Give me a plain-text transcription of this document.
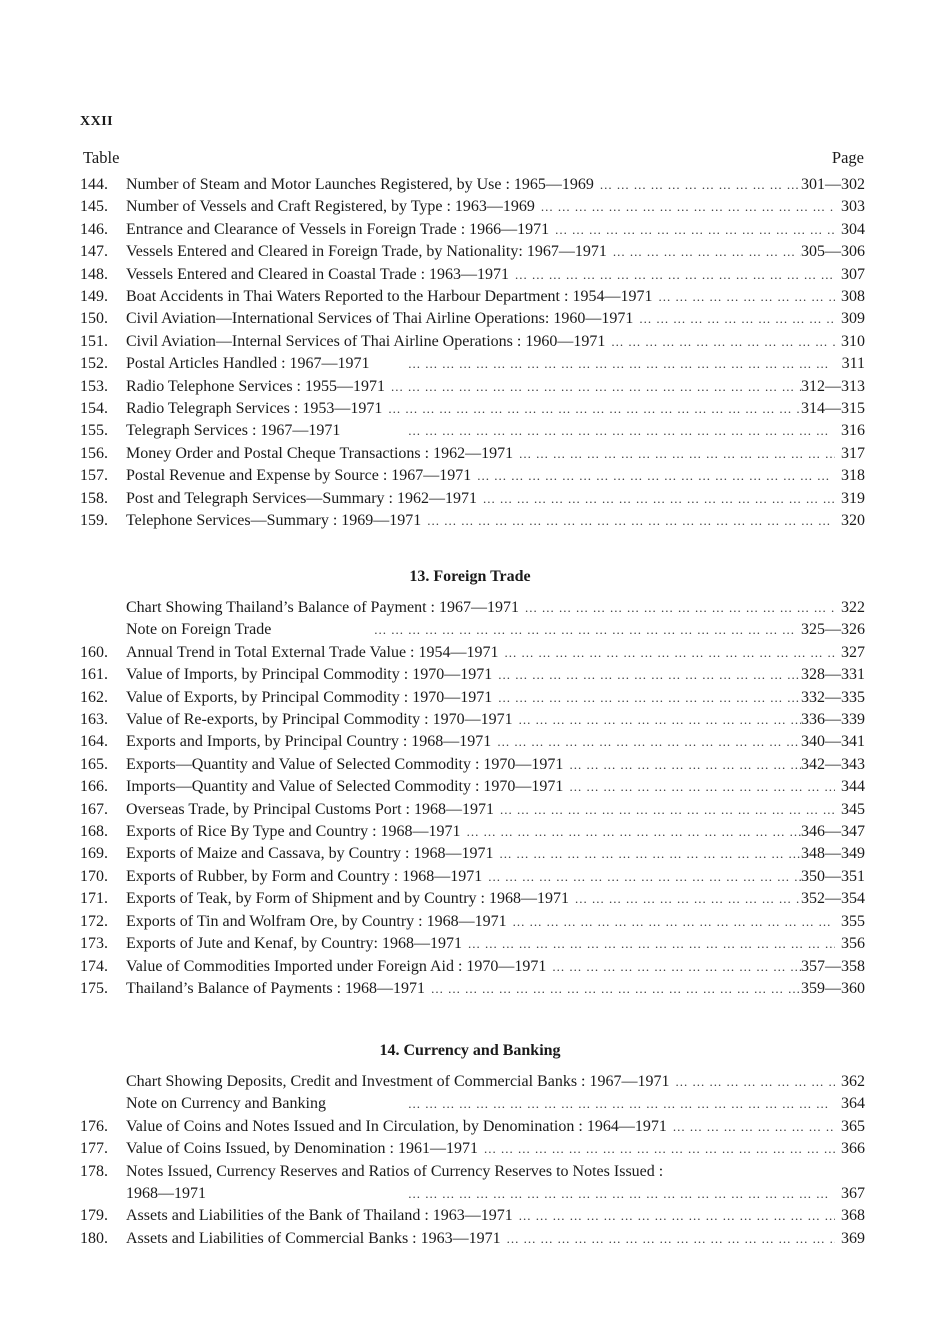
XXII
Table	Page
144.	Number of Steam and Motor Launches Registered, by Use : 1965—1969 ... .	301—302
145.	Number of Vessels and Craft Registered, by Type : 1963—1969 ... .	303
146.	Entrance and Clearance of Vessels in Foreign Trade : 1966—1971 ... .	304
147.	Vessels Entered and Cleared in Foreign Trade, by Nationality: 1967—1971 ... .	305—306
148.	Vessels Entered and Cleared in Coastal Trade : 1963—1971 ... .	307
149.	Boat Accidents in Thai Waters Reported to the Harbour Department : 1954—1971 ... .	308
150.	Civil Aviation—International Services of Thai Airline Operations: 1960—1971 ... .	309
151.	Civil Aviation—Internal Services of Thai Airline Operations : 1960—1971 ... .	310
152.	Postal Articles Handled : 1967—1971 ... .	311
153.	Radio Telephone Services : 1955—1971 ... .	312—313
154.	Radio Telegraph Services : 1953—1971 ... .	314—315
155.	Telegraph Services : 1967—1971 ... .	316
156.	Money Order and Postal Cheque Transactions : 1962—1971 ... .	317
157.	Postal Revenue and Expense by Source : 1967—1971 ... .	318
158.	Post and Telegraph Services—Summary : 1962—1971 ... .	319
159.	Telephone Services—Summary : 1969—1971 ... .	320
13. Foreign Trade
Chart Showing Thailand’s Balance of Payment : 1967—1971 ... .	322
Note on Foreign Trade ... .	325—326
160.	Annual Trend in Total External Trade Value : 1954—1971 ... .	327
161.	Value of Imports, by Principal Commodity : 1970—1971 ... .	328—331
162.	Value of Exports, by Principal Commodity : 1970—1971 ... .	332—335
163.	Value of Re-exports, by Principal Commodity : 1970—1971 ... .	336—339
164.	Exports and Imports, by Principal Country : 1968—1971 ... .	340—341
165.	Exports—Quantity and Value of Selected Commodity : 1970—1971 ... .	342—343
166.	Imports—Quantity and Value of Selected Commodity : 1970—1971 ... .	344
167.	Overseas Trade, by Principal Customs Port : 1968—1971 ... .	345
168.	Exports of Rice By Type and Country : 1968—1971 ... .	346—347
169.	Exports of Maize and Cassava, by Country : 1968—1971 ... .	348—349
170.	Exports of Rubber, by Form and Country : 1968—1971 ... .	350—351
171.	Exports of Teak, by Form of Shipment and by Country : 1968—1971 ... .	352—354
172.	Exports of Tin and Wolfram Ore, by Country : 1968—1971 ... .	355
173.	Exports of Jute and Kenaf, by Country: 1968—1971 ... .	356
174.	Value of Commodities Imported under Foreign Aid : 1970—1971 ... .	357—358
175.	Thailand’s Balance of Payments : 1968—1971 ... .	359—360
14. Currency and Banking
Chart Showing Deposits, Credit and Investment of Commercial Banks : 1967—1971 ... .	362
Note on Currency and Banking ... .	364
176.	Value of Coins and Notes Issued and In Circulation, by Denomination : 1964—1971 ... .	365
177.	Value of Coins Issued, by Denomination : 1961—1971 ... .	366
178.	Notes Issued, Currency Reserves and Ratios of Currency Reserves to Notes Issued :
1968—1971 ... .	367
179.	Assets and Liabilities of the Bank of Thailand : 1963—1971 ... .	368
180.	Assets and Liabilities of Commercial Banks : 1963—1971 ... .	369
